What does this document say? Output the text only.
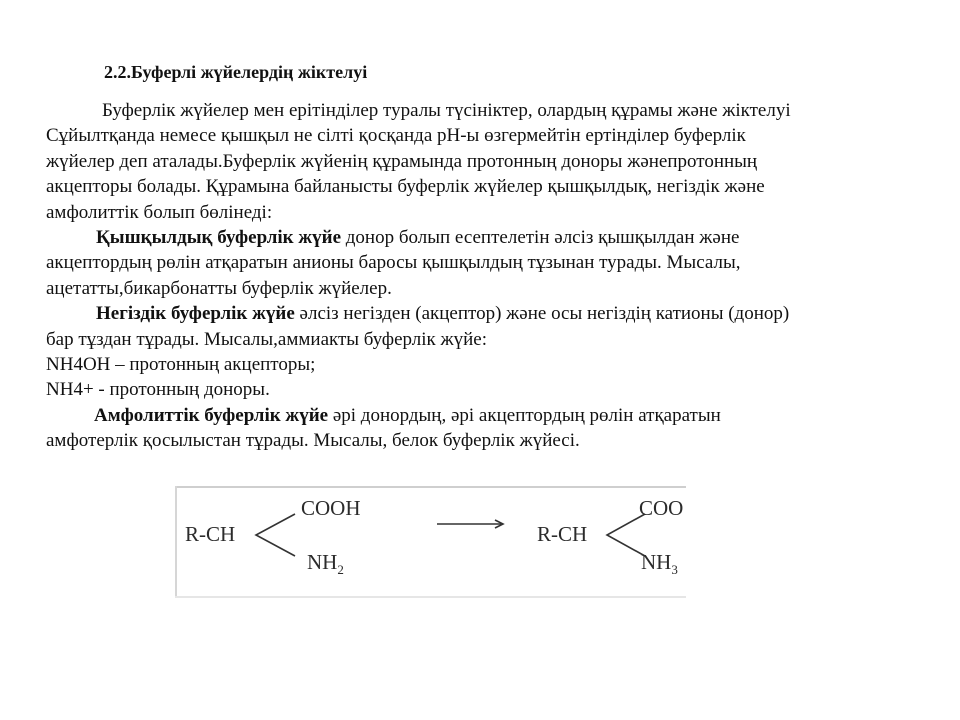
2.2.Буферлі жүйелердің жіктелуі
Буферлік жүйелер мен ерітінділер туралы түсініктер, олардың құрамы және жіктелуі
Сұйылтқанда немесе қышқыл не сілті қосқанда рН-ы өзгермейтін ертінділер буферлік
жүйелер деп аталады.Буферлік жүйенің құрамында протонның доноры жәнепротонның
акцепторы болады. Құрамына байланысты буферлік жүйелер қышқылдық, негіздік және
амфолиттік болып бөлінеді:
Қышқылдық буферлік жүйе донор болып есептелетін әлсіз қышқылдан және
акцептордың рөлін атқаратын анионы баросы қышқылдың тұзынан турады. Мысалы,
ацетатты,бикарбонатты буферлік жүйелер.
Негіздік буферлік жүйе әлсіз негізден (акцептор) және осы негіздің катионы (донор)
бар тұздан тұрады. Мысалы,аммиакты буферлік жүйе:
NH4OH – протонның акцепторы;
NH4+ - протонның доноры.
Амфолиттік буферлік жүйе әрі донордың, әрі акцептордың рөлін атқаратын
амфотерлік қосылыстан тұрады. Мысалы, белок буферлік жүйесі.
R-CH
COOH
$NH_2$
R-CH
COO
$NH_3$
